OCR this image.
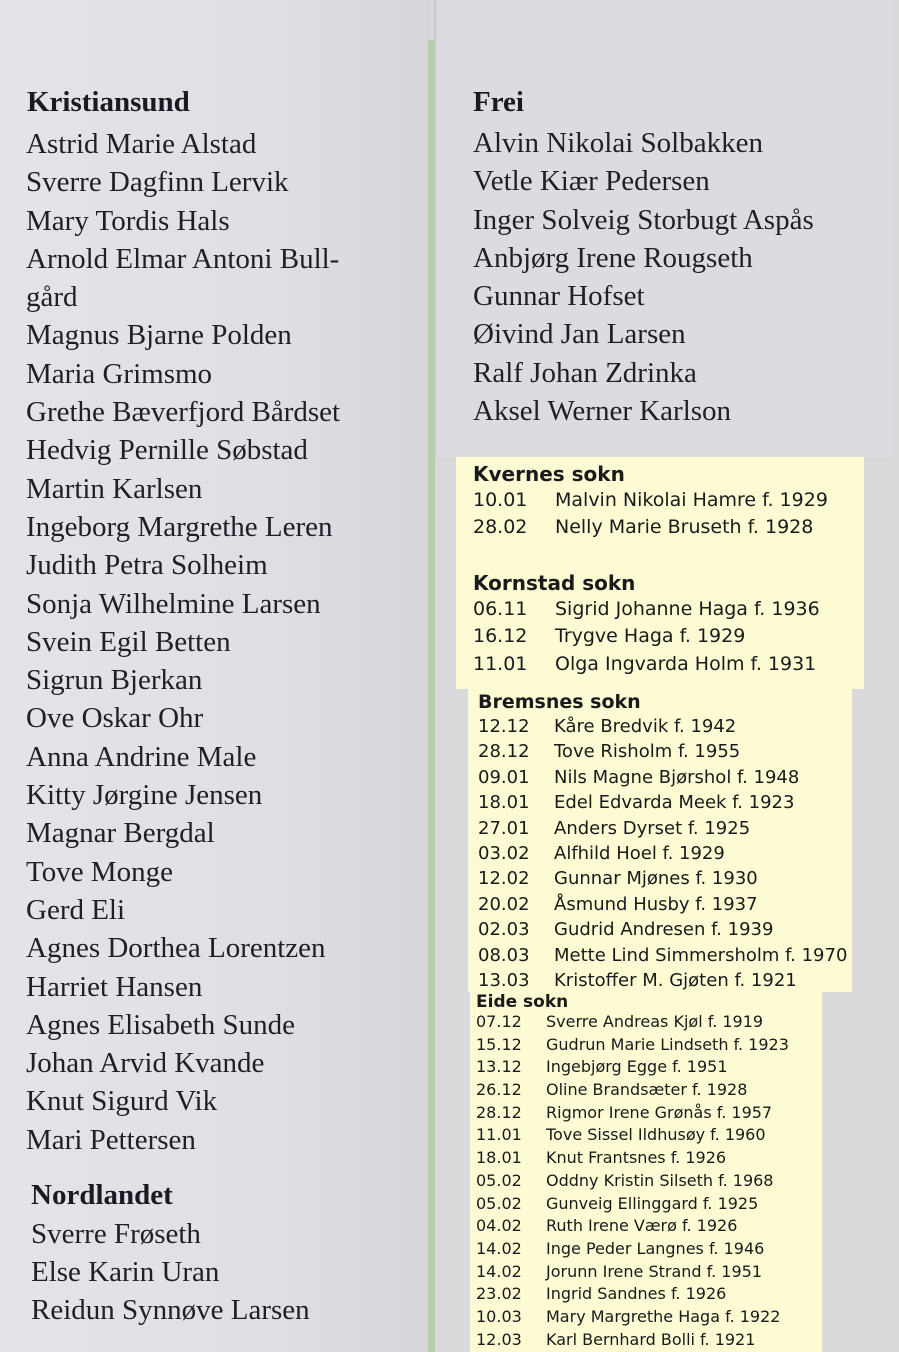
Kristiansund
Astrid Marie Alstad
Sverre Dagfinn Lervik
Mary Tordis Hals
Arnold Elmar Antoni Bull-
gård
Magnus Bjarne Polden
Maria Grimsmo
Grethe Bæverfjord Bårdset
Hedvig Pernille Søbstad
Martin Karlsen
Ingeborg Margrethe Leren
Judith Petra Solheim
Sonja Wilhelmine Larsen
Svein Egil Betten
Sigrun Bjerkan
Ove Oskar Ohr
Anna Andrine Male
Kitty Jørgine Jensen
Magnar Bergdal
Tove Monge
Gerd Eli
Agnes Dorthea Lorentzen
Harriet Hansen
Agnes Elisabeth Sunde
Johan Arvid Kvande
Knut Sigurd Vik
Mari Pettersen
Nordlandet
Sverre Frøseth
Else Karin Uran
Reidun Synnøve Larsen
Frei
Alvin Nikolai Solbakken
Vetle Kiær Pedersen
Inger Solveig Storbugt Aspås
Anbjørg Irene Rougseth
Gunnar Hofset
Øivind Jan Larsen
Ralf Johan Zdrinka
Aksel Werner Karlson
Kvernes sokn
10.01 Malvin Nikolai Hamre f. 1929
28.02 Nelly Marie Bruseth f. 1928
Kornstad sokn
06.11 Sigrid Johanne Haga f. 1936
16.12 Trygve Haga f. 1929
11.01 Olga Ingvarda Holm f. 1931
Bremsnes sokn
12.12 Kåre Bredvik f. 1942
28.12 Tove Risholm f. 1955
09.01 Nils Magne Bjørshol f. 1948
18.01 Edel Edvarda Meek f. 1923
27.01 Anders Dyrset f. 1925
03.02 Alfhild Hoel f. 1929
12.02 Gunnar Mjønes f. 1930
20.02 Åsmund Husby f. 1937
02.03 Gudrid Andresen f. 1939
08.03 Mette Lind Simmersholm f. 1970
13.03 Kristoffer M. Gjøten f. 1921
Eide sokn
07.12 Sverre Andreas Kjøl f. 1919
15.12 Gudrun Marie Lindseth f. 1923
13.12 Ingebjørg Egge f. 1951
26.12 Oline Brandsæter f. 1928
28.12 Rigmor Irene Grønås f. 1957
11.01 Tove Sissel Ildhusøy f. 1960
18.01 Knut Frantsnes f. 1926
05.02 Oddny Kristin Silseth f. 1968
05.02 Gunveig Ellinggard f. 1925
04.02 Ruth Irene Værø f. 1926
14.02 Inge Peder Langnes f. 1946
14.02 Jorunn Irene Strand f. 1951
23.02 Ingrid Sandnes f. 1926
10.03 Mary Margrethe Haga f. 1922
12.03 Karl Bernhard Bolli f. 1921
